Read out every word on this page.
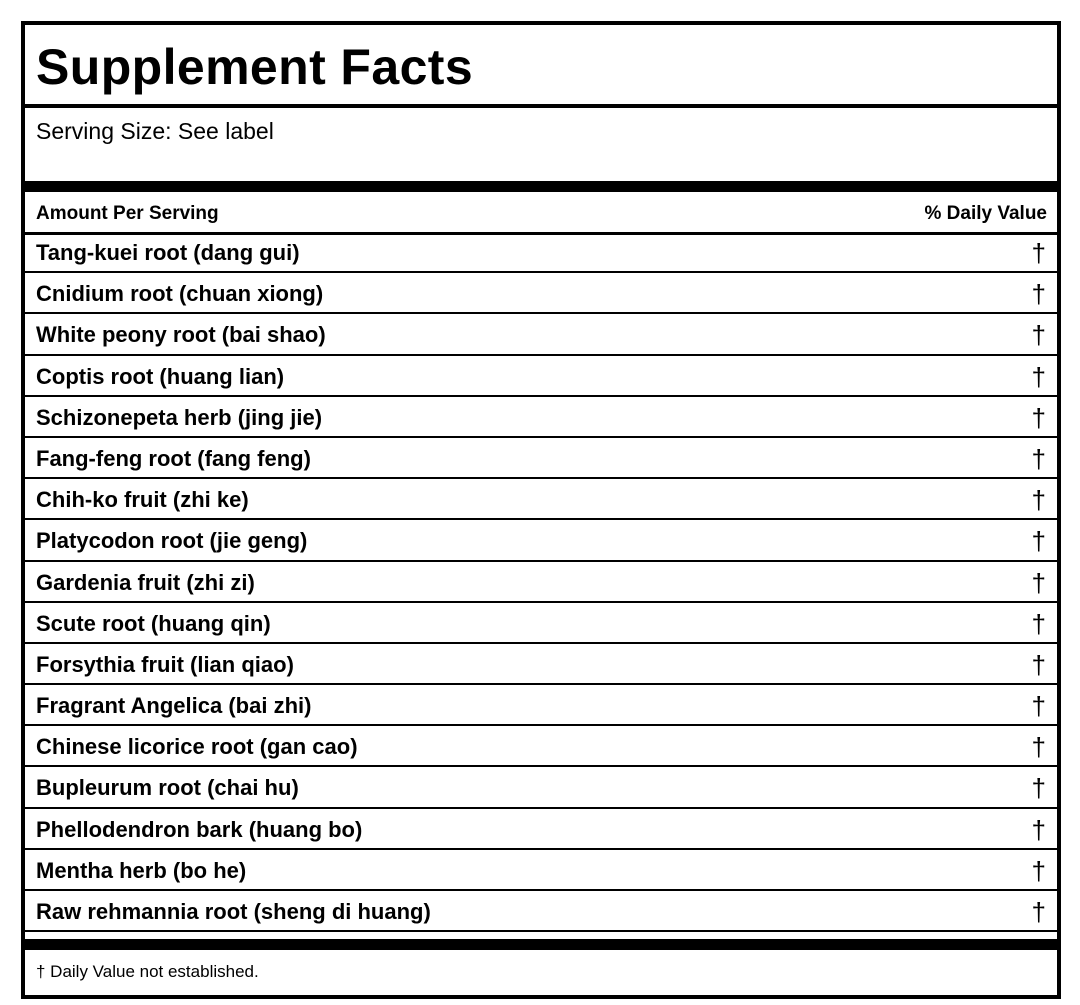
Supplement Facts
Serving Size: See label
Amount Per Serving	% Daily Value
Tang-kuei root (dang gui)	†
Cnidium root (chuan xiong)	†
White peony root (bai shao)	†
Coptis root (huang lian)	†
Schizonepeta herb (jing jie)	†
Fang-feng root (fang feng)	†
Chih-ko fruit (zhi ke)	†
Platycodon root (jie geng)	†
Gardenia fruit (zhi zi)	†
Scute root (huang qin)	†
Forsythia fruit (lian qiao)	†
Fragrant Angelica (bai zhi)	†
Chinese licorice root (gan cao)	†
Bupleurum root (chai hu)	†
Phellodendron bark (huang bo)	†
Mentha herb (bo he)	†
Raw rehmannia root (sheng di huang)	†
† Daily Value not established.
